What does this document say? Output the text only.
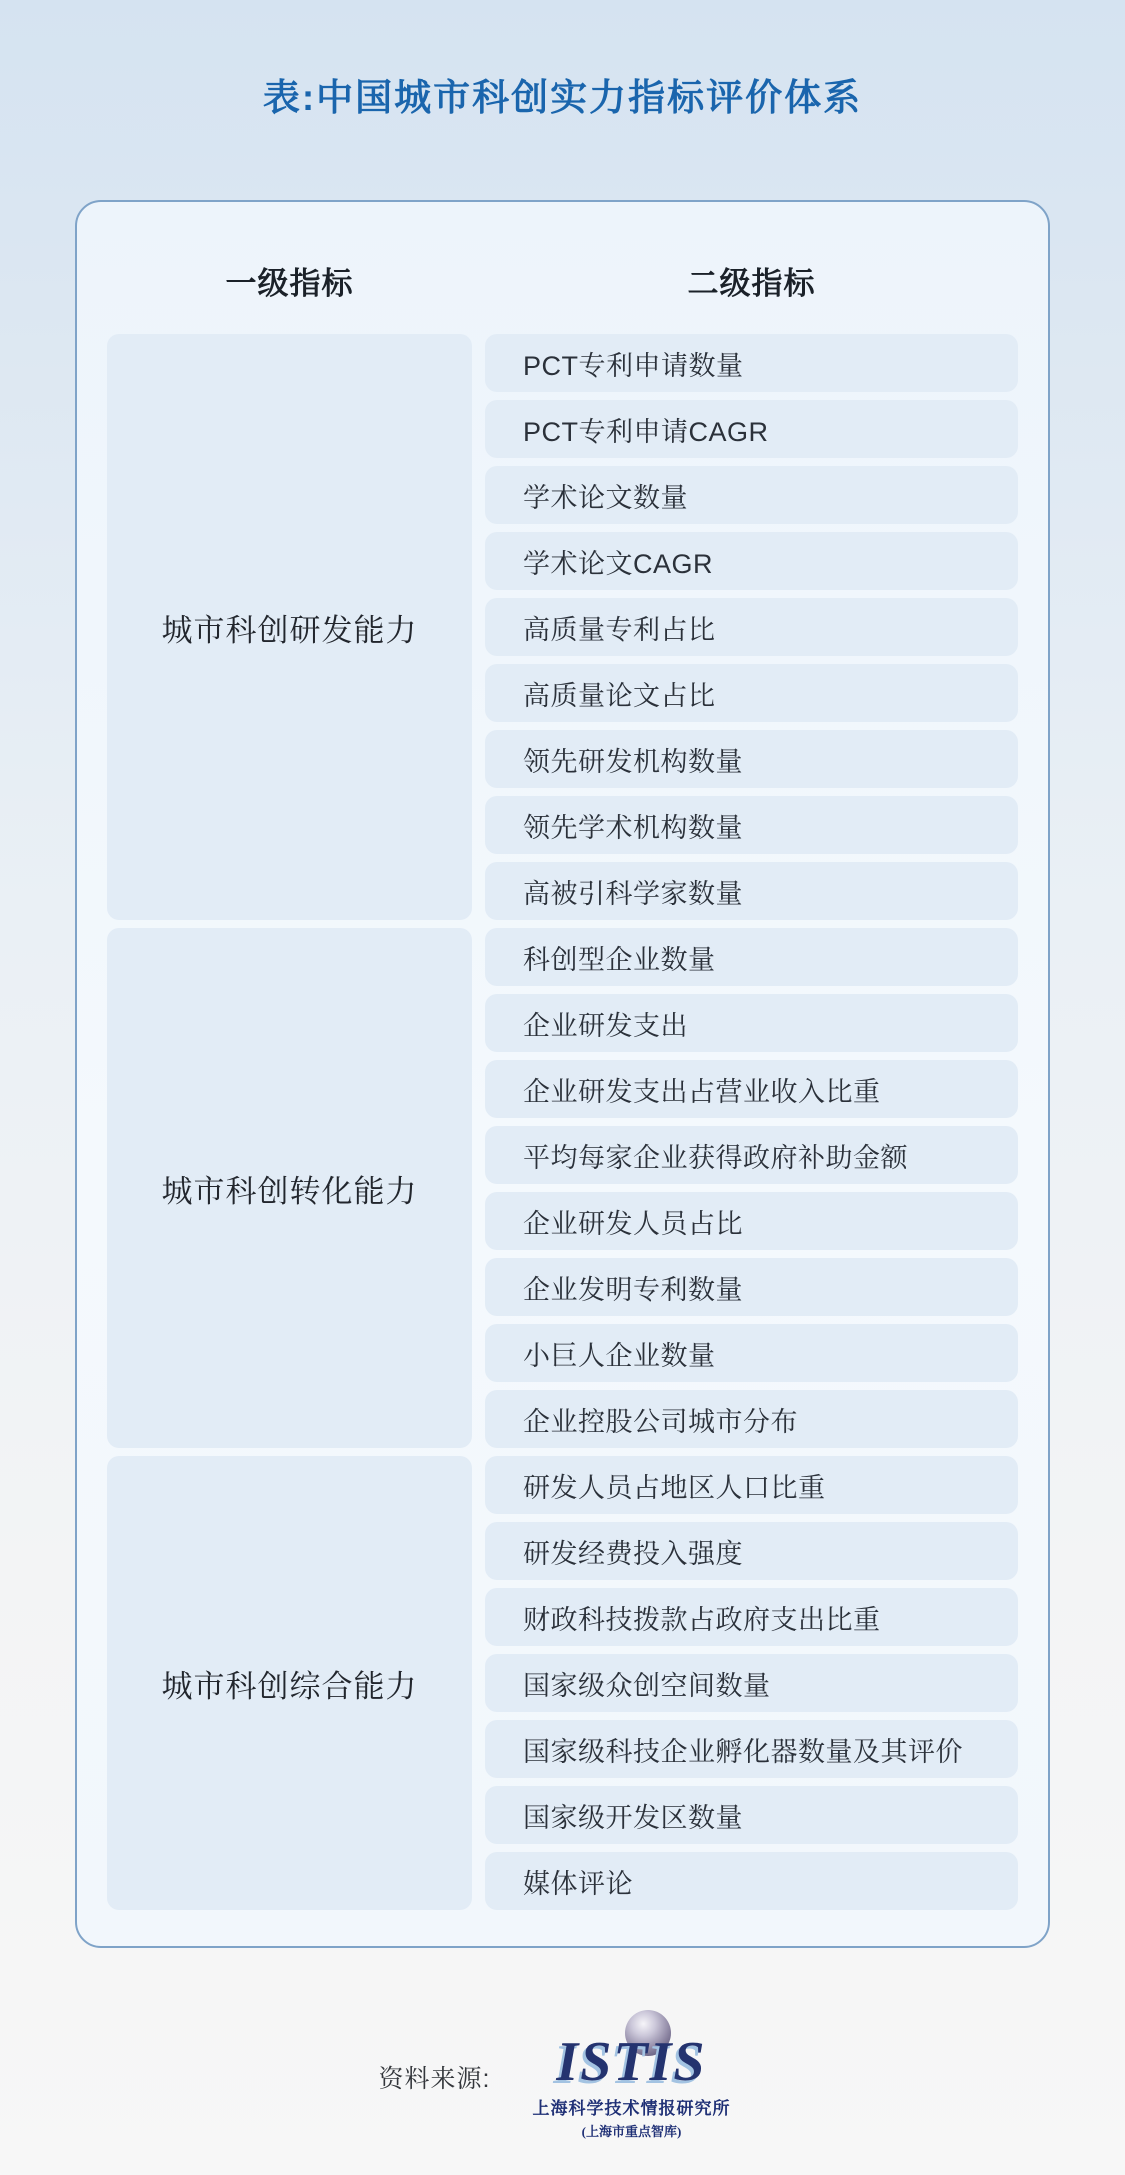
表:中国城市科创实力指标评价体系
一级指标	二级指标
城市科创研发能力
PCT专利申请数量
PCT专利申请CAGR
学术论文数量
学术论文CAGR
高质量专利占比
高质量论文占比
领先研发机构数量
领先学术机构数量
高被引科学家数量
城市科创转化能力
科创型企业数量
企业研发支出
企业研发支出占营业收入比重
平均每家企业获得政府补助金额
企业研发人员占比
企业发明专利数量
小巨人企业数量
企业控股公司城市分布
城市科创综合能力
研发人员占地区人口比重
研发经费投入强度
财政科技拨款占政府支出比重
国家级众创空间数量
国家级科技企业孵化器数量及其评价
国家级开发区数量
媒体评论
资料来源:	ISTIS
上海科学技术情报研究所
(上海市重点智库)
